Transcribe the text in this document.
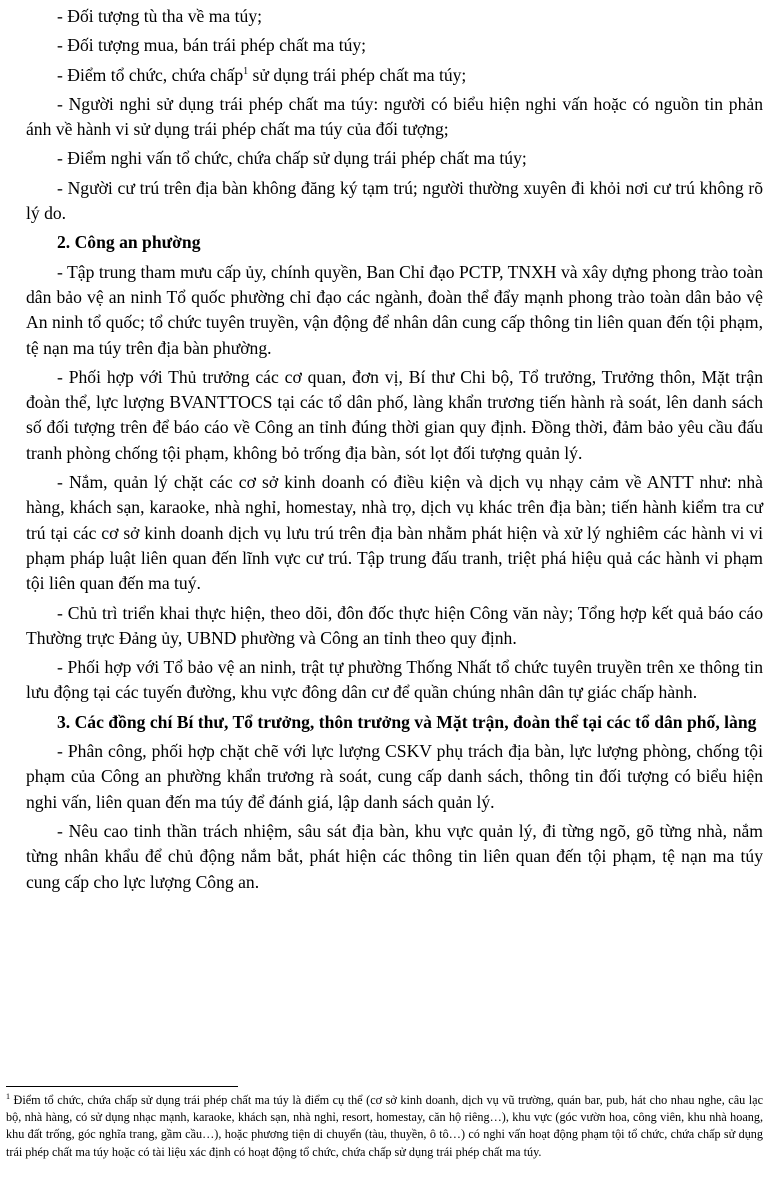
- Đối tượng tù tha về ma túy;

- Đối tượng mua, bán trái phép chất ma túy;

- Điểm tổ chức, chứa chấp$^1$ sử dụng trái phép chất ma túy;

- Người nghi sử dụng trái phép chất ma túy: người có biểu hiện nghi vấn hoặc có nguồn tin phản ánh về hành vi sử dụng trái phép chất ma túy của đối tượng;

- Điểm nghi vấn tổ chức, chứa chấp sử dụng trái phép chất ma túy;

- Người cư trú trên địa bàn không đăng ký tạm trú; người thường xuyên đi khỏi nơi cư trú không rõ lý do.

2. Công an phường

- Tập trung tham mưu cấp ủy, chính quyền, Ban Chỉ đạo PCTP, TNXH và xây dựng phong trào toàn dân bảo vệ an ninh Tổ quốc phường chỉ đạo các ngành, đoàn thể đẩy mạnh phong trào toàn dân bảo vệ An ninh tổ quốc; tổ chức tuyên truyền, vận động để nhân dân cung cấp thông tin liên quan đến tội phạm, tệ nạn ma túy trên địa bàn phường.

- Phối hợp với Thủ trưởng các cơ quan, đơn vị, Bí thư Chi bộ, Tổ trưởng, Trưởng thôn, Mặt trận đoàn thể, lực lượng BVANTTOCS tại các tổ dân phố, làng khẩn trương tiến hành rà soát, lên danh sách số đối tượng trên để báo cáo về Công an tỉnh đúng thời gian quy định. Đồng thời, đảm bảo yêu cầu đấu tranh phòng chống tội phạm, không bỏ trống địa bàn, sót lọt đối tượng quản lý.

- Nắm, quản lý chặt các cơ sở kinh doanh có điều kiện và dịch vụ nhạy cảm về ANTT như: nhà hàng, khách sạn, karaoke, nhà nghỉ, homestay, nhà trọ, dịch vụ khác trên địa bàn; tiến hành kiểm tra cư trú tại các cơ sở kinh doanh dịch vụ lưu trú trên địa bàn nhằm phát hiện và xử lý nghiêm các hành vi vi phạm pháp luật liên quan đến lĩnh vực cư trú. Tập trung đấu tranh, triệt phá hiệu quả các hành vi phạm tội liên quan đến ma tuý.

- Chủ trì triển khai thực hiện, theo dõi, đôn đốc thực hiện Công văn này; Tổng hợp kết quả báo cáo Thường trực Đảng ủy, UBND phường và Công an tỉnh theo quy định.

- Phối hợp với Tổ bảo vệ an ninh, trật tự phường Thống Nhất tổ chức tuyên truyền trên xe thông tin lưu động tại các tuyến đường, khu vực đông dân cư để quần chúng nhân dân tự giác chấp hành.

3. Các đồng chí Bí thư, Tổ trưởng, thôn trưởng và Mặt trận, đoàn thể tại các tổ dân phố, làng

- Phân công, phối hợp chặt chẽ với lực lượng CSKV phụ trách địa bàn, lực lượng phòng, chống tội phạm của Công an phường khẩn trương rà soát, cung cấp danh sách, thông tin đối tượng có biểu hiện nghi vấn, liên quan đến ma túy để đánh giá, lập danh sách quản lý.

- Nêu cao tinh thần trách nhiệm, sâu sát địa bàn, khu vực quản lý, đi từng ngõ, gõ từng nhà, nắm từng nhân khẩu để chủ động nắm bắt, phát hiện các thông tin liên quan đến tội phạm, tệ nạn ma túy cung cấp cho lực lượng Công an.

$^1$ Điểm tổ chức, chứa chấp sử dụng trái phép chất ma túy là điểm cụ thể (cơ sở kinh doanh, dịch vụ vũ trường, quán bar, pub, hát cho nhau nghe, câu lạc bộ, nhà hàng, có sử dụng nhạc mạnh, karaoke, khách sạn, nhà nghỉ, resort, homestay, căn hộ riêng…), khu vực (góc vườn hoa, công viên, khu nhà hoang, khu đất trống, góc nghĩa trang, gầm cầu…), hoặc phương tiện di chuyển (tàu, thuyền, ô tô…) có nghi vấn hoạt động phạm tội tổ chức, chứa chấp sử dụng trái phép chất ma túy hoặc có tài liệu xác định có hoạt động tổ chức, chứa chấp sử dụng trái phép chất ma túy.
